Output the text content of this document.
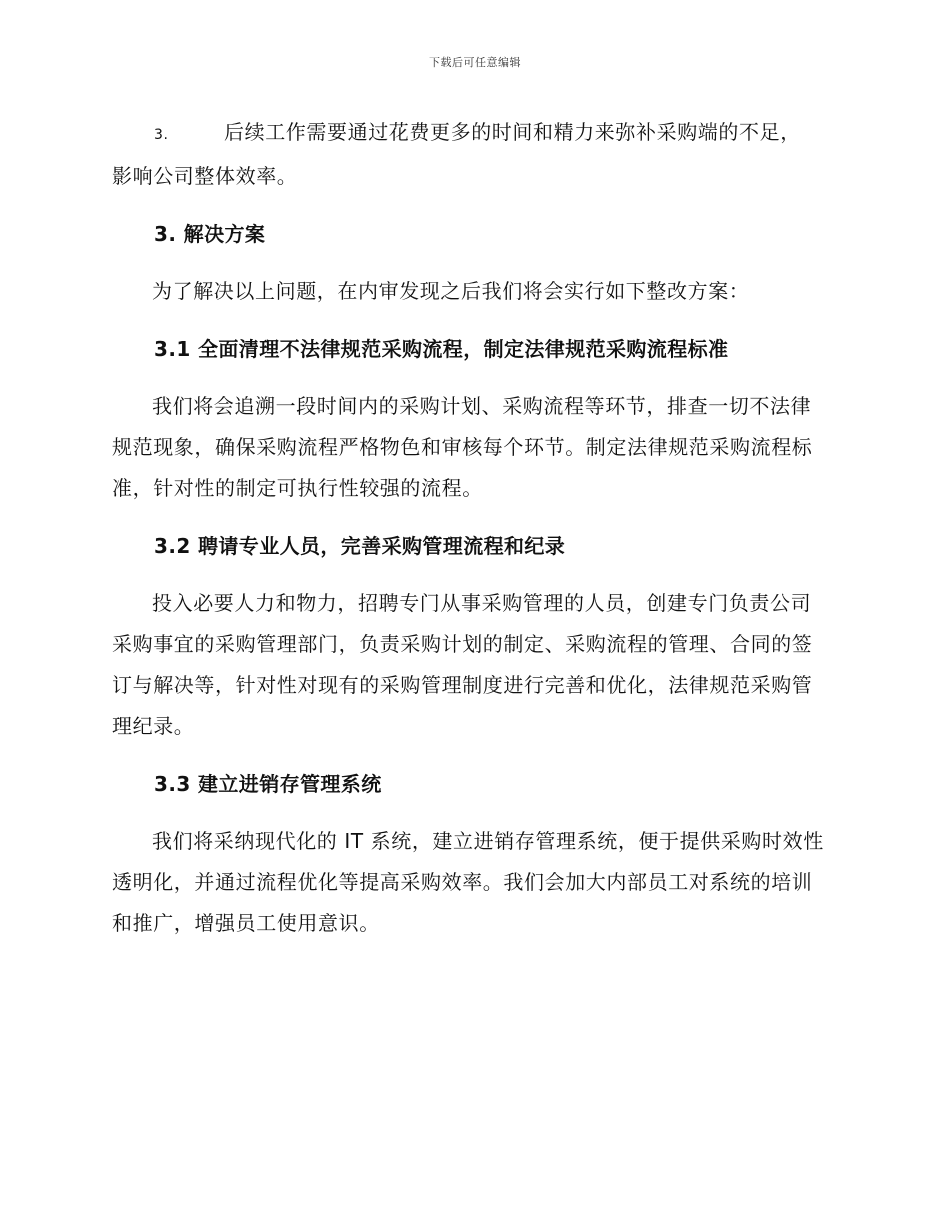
下载后可任意编辑

3.	后续工作需要通过花费更多的时间和精力来弥补采购端的不足，

影响公司整体效率。

3. 解决方案

为了解决以上问题，在内审发现之后我们将会实行如下整改方案：

3.1 全面清理不法律规范采购流程，制定法律规范采购流程标准

我们将会追溯一段时间内的采购计划、采购流程等环节，排查一切不法律规范现象，确保采购流程严格物色和审核每个环节。制定法律规范采购流程标准，针对性的制定可执行性较强的流程。

3.2 聘请专业人员，完善采购管理流程和纪录

投入必要人力和物力，招聘专门从事采购管理的人员，创建专门负责公司采购事宜的采购管理部门，负责采购计划的制定、采购流程的管理、合同的签订与解决等，针对性对现有的采购管理制度进行完善和优化，法律规范采购管理纪录。

3.3 建立进销存管理系统

我们将采纳现代化的 IT 系统，建立进销存管理系统，便于提供采购时效性透明化，并通过流程优化等提高采购效率。我们会加大内部员工对系统的培训和推广，增强员工使用意识。
